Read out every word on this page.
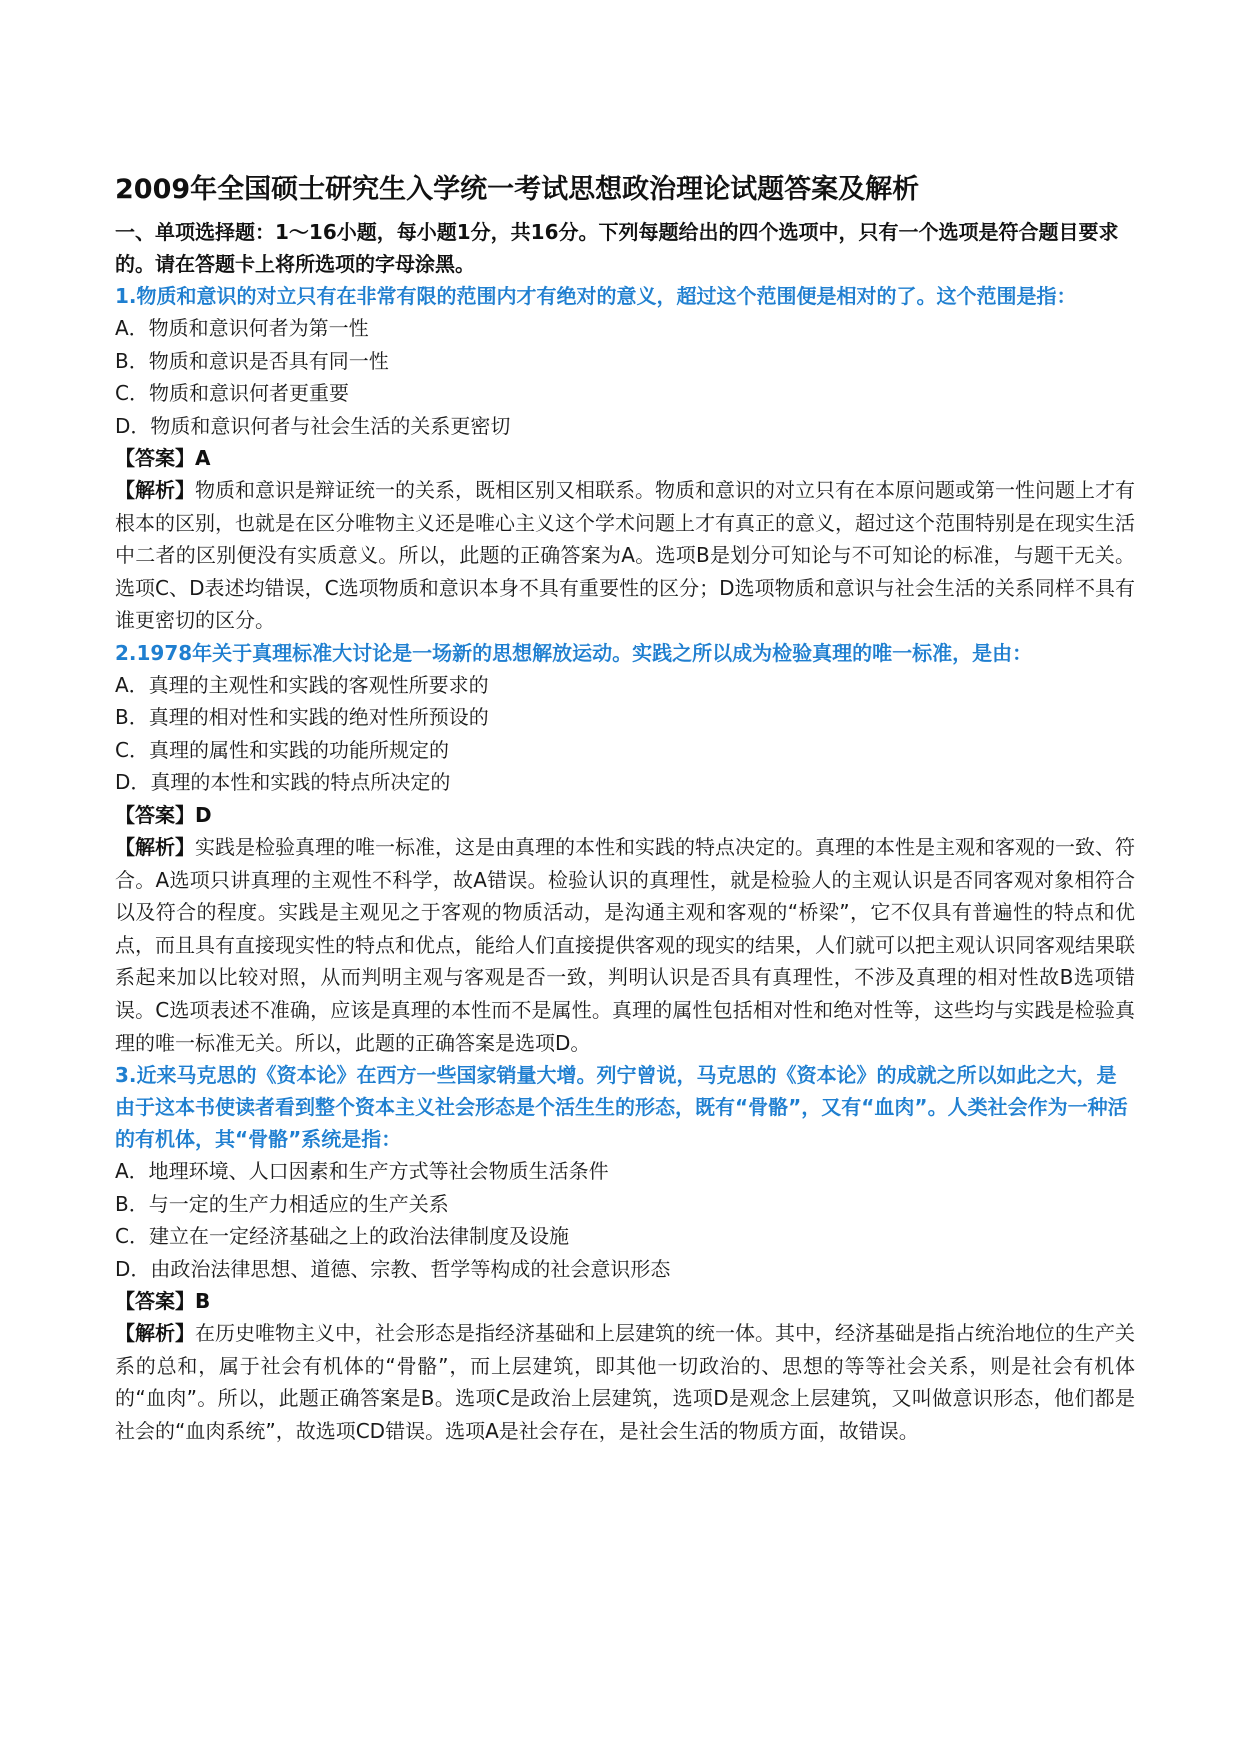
2009年全国硕士研究生入学统一考试思想政治理论试题答案及解析
一、单项选择题：1～16小题，每小题1分，共16分。下列每题给出的四个选项中，只有一个选项是符合题目要求的。请在答题卡上将所选项的字母涂黑。
1.物质和意识的对立只有在非常有限的范围内才有绝对的意义，超过这个范围便是相对的了。这个范围是指：
A．物质和意识何者为第一性
B．物质和意识是否具有同一性
C．物质和意识何者更重要
D．物质和意识何者与社会生活的关系更密切
【答案】A
【解析】物质和意识是辩证统一的关系，既相区别又相联系。物质和意识的对立只有在本原问题或第一性问题上才有根本的区别，也就是在区分唯物主义还是唯心主义这个学术问题上才有真正的意义，超过这个范围特别是在现实生活中二者的区别便没有实质意义。所以，此题的正确答案为A。选项B是划分可知论与不可知论的标准，与题干无关。选项C、D表述均错误，C选项物质和意识本身不具有重要性的区分；D选项物质和意识与社会生活的关系同样不具有谁更密切的区分。
2.1978年关于真理标准大讨论是一场新的思想解放运动。实践之所以成为检验真理的唯一标准，是由：
A．真理的主观性和实践的客观性所要求的
B．真理的相对性和实践的绝对性所预设的
C．真理的属性和实践的功能所规定的
D．真理的本性和实践的特点所决定的
【答案】D
【解析】实践是检验真理的唯一标准，这是由真理的本性和实践的特点决定的。真理的本性是主观和客观的一致、符合。A选项只讲真理的主观性不科学，故A错误。检验认识的真理性，就是检验人的主观认识是否同客观对象相符合以及符合的程度。实践是主观见之于客观的物质活动，是沟通主观和客观的“桥梁”，它不仅具有普遍性的特点和优点，而且具有直接现实性的特点和优点，能给人们直接提供客观的现实的结果，人们就可以把主观认识同客观结果联系起来加以比较对照，从而判明主观与客观是否一致，判明认识是否具有真理性，不涉及真理的相对性故B选项错误。C选项表述不准确，应该是真理的本性而不是属性。真理的属性包括相对性和绝对性等，这些均与实践是检验真理的唯一标准无关。所以，此题的正确答案是选项D。
3.近来马克思的《资本论》在西方一些国家销量大增。列宁曾说，马克思的《资本论》的成就之所以如此之大，是由于这本书使读者看到整个资本主义社会形态是个活生生的形态，既有“骨骼”，又有“血肉”。人类社会作为一种活的有机体，其“骨骼”系统是指：
A．地理环境、人口因素和生产方式等社会物质生活条件
B．与一定的生产力相适应的生产关系
C．建立在一定经济基础之上的政治法律制度及设施
D．由政治法律思想、道德、宗教、哲学等构成的社会意识形态
【答案】B
【解析】在历史唯物主义中，社会形态是指经济基础和上层建筑的统一体。其中，经济基础是指占统治地位的生产关系的总和，属于社会有机体的“骨骼”，而上层建筑，即其他一切政治的、思想的等等社会关系，则是社会有机体的“血肉”。所以，此题正确答案是B。选项C是政治上层建筑，选项D是观念上层建筑，又叫做意识形态，他们都是社会的“血肉系统”，故选项CD错误。选项A是社会存在，是社会生活的物质方面，故错误。
